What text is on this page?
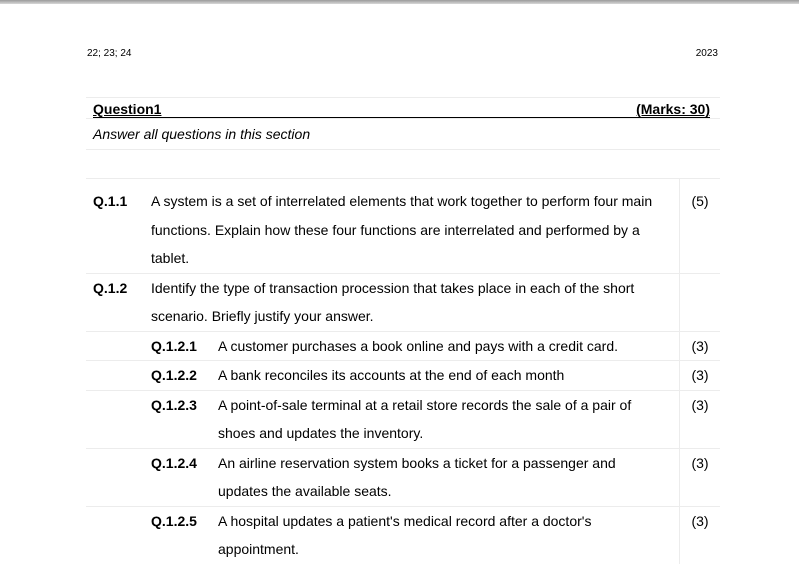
22; 23; 24	2023
Question1	(Marks: 30)
Answer all questions in this section

Q.1.1	A system is a set of interrelated elements that work together to perform four main functions. Explain how these four functions are interrelated and performed by a tablet.		(5)
Q.1.2	Identify the type of transaction procession that takes place in each of the short scenario. Briefly justify your answer.		
	Q.1.2.1	A customer purchases a book online and pays with a credit card.	(3)
	Q.1.2.2	A bank reconciles its accounts at the end of each month	(3)
	Q.1.2.3	A point-of-sale terminal at a retail store records the sale of a pair of shoes and updates the inventory.	(3)
	Q.1.2.4	An airline reservation system books a ticket for a passenger and updates the available seats.	(3)
	Q.1.2.5	A hospital updates a patient's medical record after a doctor's appointment.	(3)
